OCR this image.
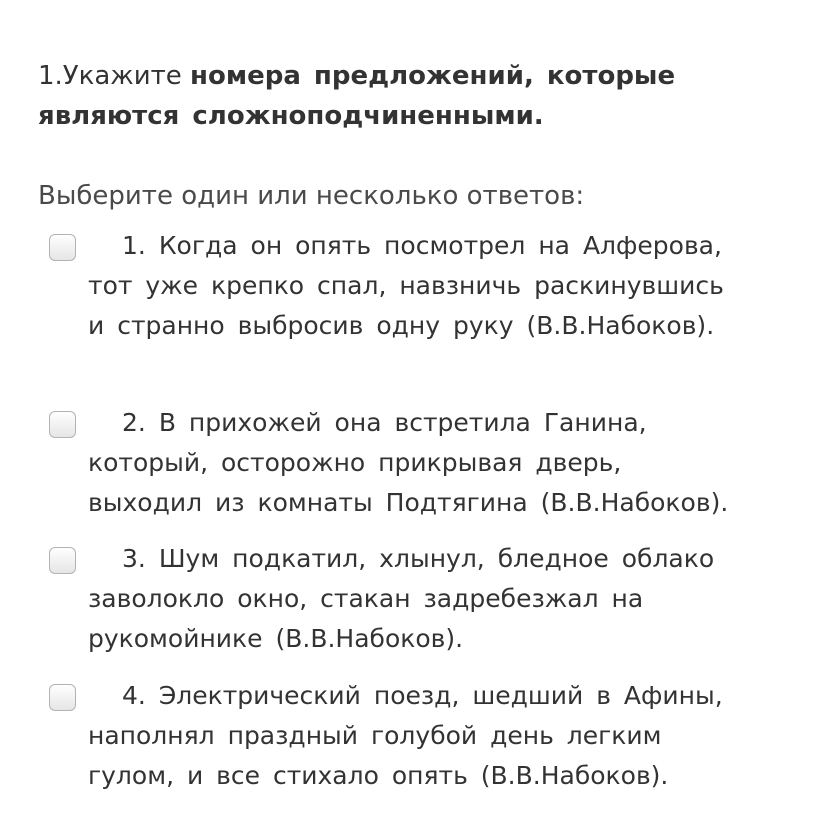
1.Укажите номера предложений, которые являются сложноподчиненными.
Выберите один или несколько ответов:
1. Когда он опять посмотрел на Алферова, тот уже крепко спал, навзничь раскинувшись и странно выбросив одну руку (В.В.Набоков).
2. В прихожей она встретила Ганина, который, осторожно прикрывая дверь, выходил из комнаты Подтягина (В.В.Набоков).
3. Шум подкатил, хлынул, бледное облако заволокло окно, стакан задребезжал на рукомойнике (В.В.Набоков).
4. Электрический поезд, шедший в Афины, наполнял праздный голубой день легким гулом, и все стихало опять (В.В.Набоков).
